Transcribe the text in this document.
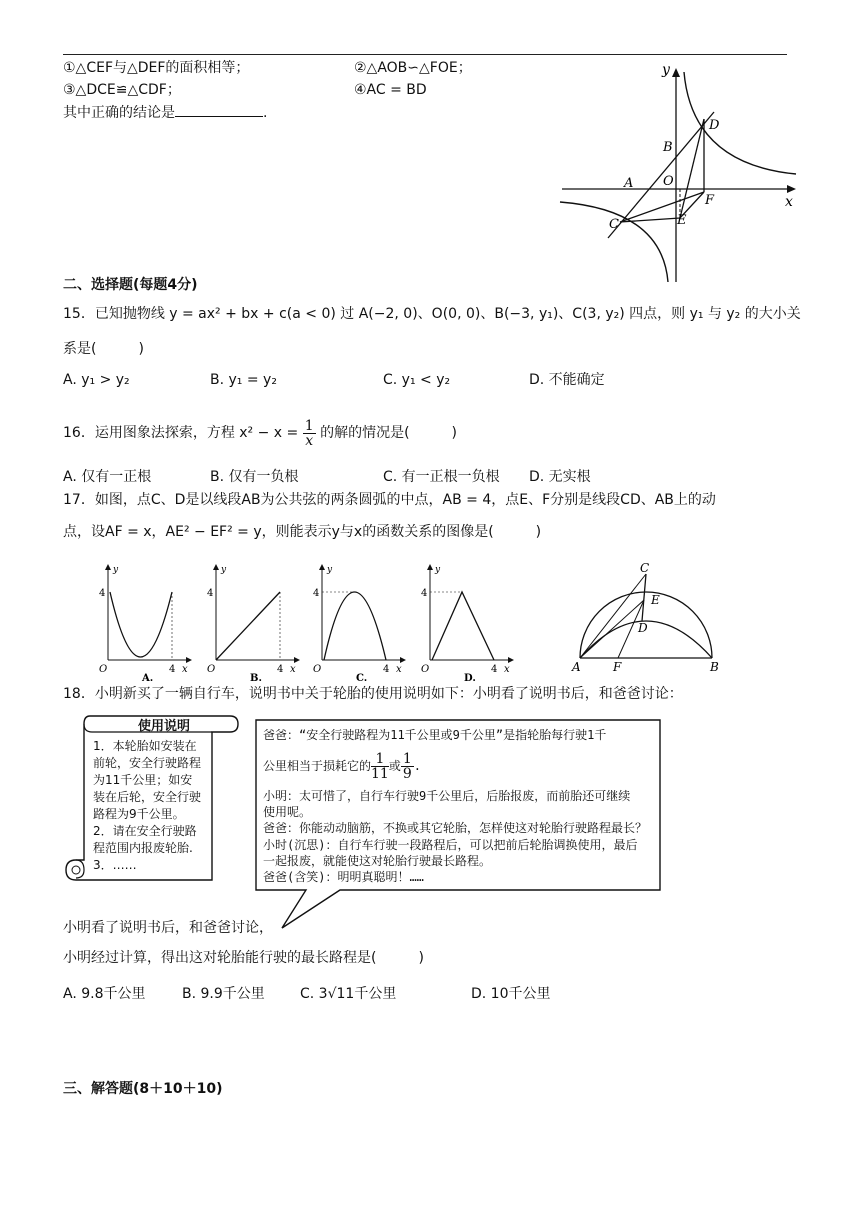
①△CEF与△DEF的面积相等；	②△AOB∽△FOE；
③△DCE≌△CDF；	④AC = BD
其中正确的结论是	.
y
x
O
A
B
C
D
E
F
二、选择题(每题4分)
15．已知抛物线 y = ax² + bx + c(a < 0) 过 A(−2, 0)、O(0, 0)、B(−3, y₁)、C(3, y₂) 四点，则 y₁ 与 y₂ 的大小关
系是(　　　)
A. y₁ > y₂	B. y₁ = y₂	C. y₁ < y₂	D. 不能确定
16．运用图象法探索，方程 $x^2 - x = \frac{1}{x}$ 的解的情况是(　　　)
A. 仅有一正根	B. 仅有一负根	C. 有一正根一负根 D. 无实根
17．如图，点C、D是以线段AB为公共弦的两条圆弧的中点，AB = 4，点E、F分别是线段CD、AB上的动
点，设AF = x，AE² − EF² = y，则能表示y与x的函数关系的图像是(　　　)
y
4
O	4 x
A.
y
4
O	4 x
B.
y
4
O	4 x
C.
y
4
O	4 x
D.
C
E
D
A	F	B
18．小明新买了一辆自行车，说明书中关于轮胎的使用说明如下：小明看了说明书后，和爸爸讨论：
使用说明
1．本轮胎如安装在
前轮，安全行驶路程
为11千公里；如安
装在后轮，安全行驶
路程为9千公里。
2．请在安全行驶路
程范围内报废轮胎.
3．……
爸爸：“安全行驶路程为11千公里或9千公里”是指轮胎每行驶1千
公里相当于损耗它的 $\frac{1}{11}$ 或 $\frac{1}{9}$ .
小明：太可惜了，自行车行驶9千公里后，后胎报废，而前胎还可继续
使用呢。
爸爸：你能动动脑筋，不换或其它轮胎，怎样使这对轮胎行驶路程最长？
小时(沉思)：自行车行驶一段路程后，可以把前后轮胎调换使用，最后
一起报废，就能使这对轮胎行驶最长路程。
爸爸(含笑)：明明真聪明！……
小明看了说明书后，和爸爸讨论，
小明经过计算，得出这对轮胎能行驶的最长路程是(　　　)
A. 9.8千公里	B. 9.9千公里	C. 3√11千公里	D. 10千公里
三、解答题(8＋10＋10)
